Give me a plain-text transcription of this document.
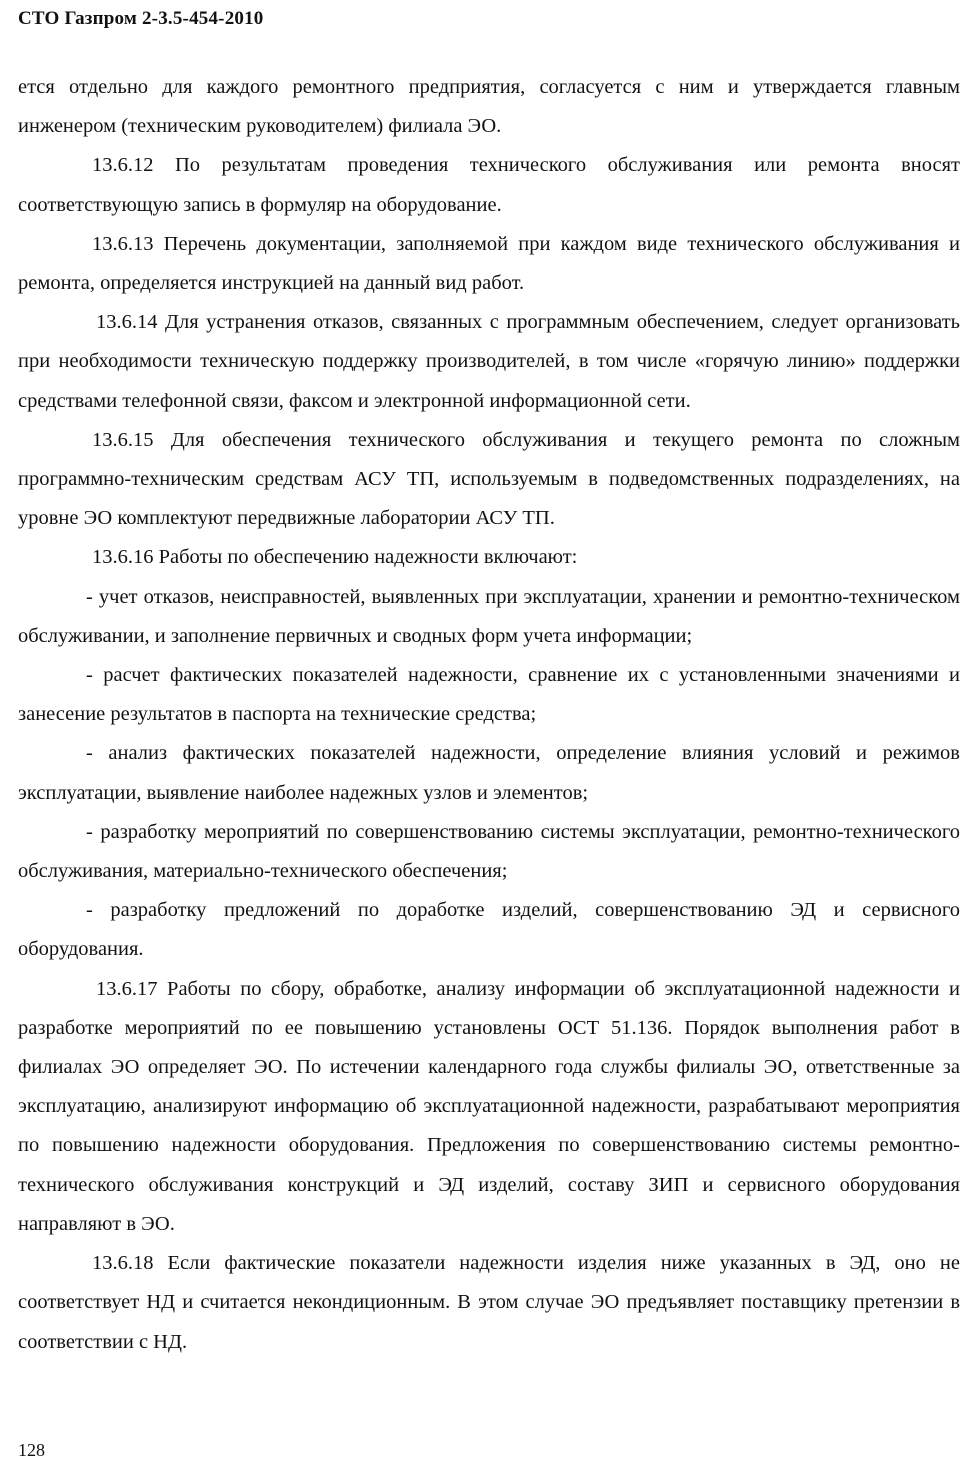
СТО Газпром 2-3.5-454-2010

ется отдельно для каждого ремонтного предприятия, согласуется с ним и утверждается главным инженером (техническим руководителем) филиала ЭО.

13.6.12 По результатам проведения технического обслуживания или ремонта вносят соответствующую запись в формуляр на оборудование.

13.6.13 Перечень документации, заполняемой при каждом виде технического обслуживания и ремонта, определяется инструкцией на данный вид работ.

13.6.14 Для устранения отказов, связанных с программным обеспечением, следует организовать при необходимости техническую поддержку производителей, в том числе «горячую линию» поддержки средствами телефонной связи, факсом и электронной информационной сети.

13.6.15 Для обеспечения технического обслуживания и текущего ремонта по сложным программно-техническим средствам АСУ ТП, используемым в подведомственных подразделениях, на уровне ЭО комплектуют передвижные лаборатории АСУ ТП.

13.6.16 Работы по обеспечению надежности включают:

- учет отказов, неисправностей, выявленных при эксплуатации, хранении и ремонтно-техническом обслуживании, и заполнение первичных и сводных форм учета информации;

- расчет фактических показателей надежности, сравнение их с установленными значениями и занесение результатов в паспорта на технические средства;

- анализ фактических показателей надежности, определение влияния условий и режимов эксплуатации, выявление наиболее надежных узлов и элементов;

- разработку мероприятий по совершенствованию системы эксплуатации, ремонтно-технического обслуживания, материально-технического обеспечения;

- разработку предложений по доработке изделий, совершенствованию ЭД и сервисного оборудования.

13.6.17 Работы по сбору, обработке, анализу информации об эксплуатационной надежности и разработке мероприятий по ее повышению установлены ОСТ 51.136. Порядок выполнения работ в филиалах ЭО определяет ЭО. По истечении календарного года службы филиалы ЭО, ответственные за эксплуатацию, анализируют информацию об эксплуатационной надежности, разрабатывают мероприятия по повышению надежности оборудования. Предложения по совершенствованию системы ремонтно-технического обслуживания конструкций и ЭД изделий, составу ЗИП и сервисного оборудования направляют в ЭО.

13.6.18 Если фактические показатели надежности изделия ниже указанных в ЭД, оно не соответствует НД и считается некондиционным. В этом случае ЭО предъявляет поставщику претензии в соответствии с НД.

128
